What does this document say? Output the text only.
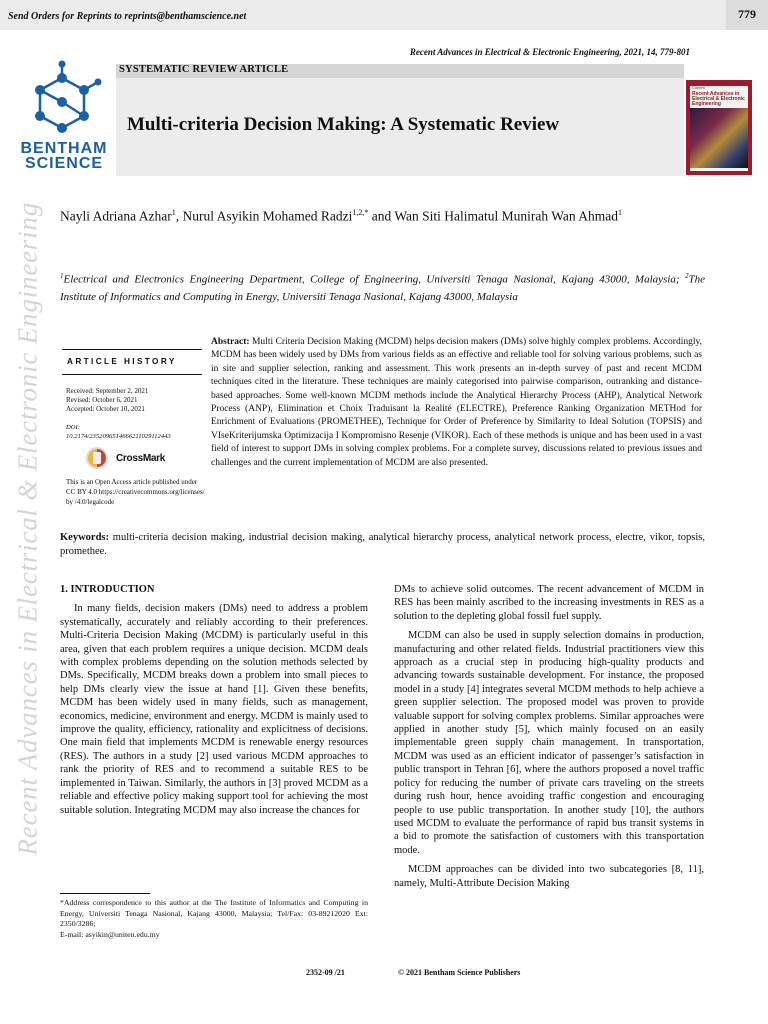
Send Orders for Reprints to reprints@benthamscience.net	779
Recent Advances in Electrical & Electronic Engineering, 2021, 14, 779-801
BENTHAM
SCIENCE
SYSTEMATIC REVIEW ARTICLE
Multi-criteria Decision Making: A Systematic Review
Current
Recent Advances in Electrical & Electronic Engineering
Recent Advances in Electrical & Electronic Engineering Nayli Adriana Azhar$^1$, Nurul Asyikin Mohamed Radzi$^{1,2,*}$ and Wan Siti Halimatul Munirah Wan Ahmad$^1$
$^1$Electrical and Electronics Engineering Department, College of Engineering, Universiti Tenaga Nasional, Kajang 43000, Malaysia; $^2$The Institute of Informatics and Computing in Energy, Universiti Tenaga Nasional, Kajang 43000, Malaysia
ARTICLE HISTORY
Received: September 2, 2021
Revised: October 6, 2021
Accepted: October 10, 2021
DOI:
10.2174/2352096514666211029112443
CrossMark
This is an Open Access article published under CC BY 4.0 https://creativecommons.org/licenses/ by /4.0/legalcode
Abstract: Multi Criteria Decision Making (MCDM) helps decision makers (DMs) solve highly complex problems. Accordingly, MCDM has been widely used by DMs from various fields as an effective and reliable tool for solving various problems, such as in site and supplier selection, ranking and assessment. This work presents an in-depth survey of past and recent MCDM techniques cited in the literature. These techniques are mainly categorised into pairwise comparison, outranking and distance-based approaches. Some well-known MCDM methods include the Analytical Hierarchy Process (AHP), Analytical Network Process (ANP), Elimination et Choix Traduisant la Realité (ELECTRE), Preference Ranking Organization METHod for Enrichment of Evaluations (PROMETHEE), Technique for Order of Preference by Similarity to Ideal Solution (TOPSIS) and VIseKriterijumska Optimizacija I Kompromisno Resenje (VIKOR). Each of these methods is unique and has been used in a vast field of interest to support DMs in solving complex problems. For a complete survey, discussions related to previous issues and challenges and the current implementation of MCDM are also presented.
Keywords: multi-criteria decision making, industrial decision making, analytical hierarchy process, analytical network process, electre, vikor, topsis, promethee.

1. INTRODUCTION

In many fields, decision makers (DMs) need to address a problem systematically, accurately and reliably according to their preferences. Multi-Criteria Decision Making (MCDM) is particularly useful in this area, given that each problem requires a unique decision. MCDM deals with complex problems depending on the solution methods selected by DMs. Specifically, MCDM breaks down a problem into small pieces to help DMs clearly view the issue at hand [1]. Given these benefits, MCDM has been widely used in many fields, such as management, economics, medicine, environment and energy. MCDM is mainly used to improve the quality, efficiency, rationality and explicitness of decisions. One main field that implements MCDM is renewable energy resources (RES). The authors in a study [2] used various MCDM approaches to rank the priority of RES and to recommend a suitable RES to be implemented in Taiwan. Similarly, the authors in [3] proved MCDM as a reliable and effective policy making support tool for achieving the most suitable solution. Integrating MCDM may also increase the chances for

DMs to achieve solid outcomes. The recent advancement of MCDM in RES has been mainly ascribed to the increasing investments in RES as a solution to the depleting global fossil fuel supply.

MCDM can also be used in supply selection domains in production, manufacturing and other related fields. Industrial practitioners view this approach as a crucial step in producing high-quality products and advancing towards sustainable development. For instance, the proposed model in a study [4] integrates several MCDM methods to help achieve a green supplier selection. The proposed model was proven to provide valuable support for solving complex problems. Similar approaches were applied in another study [5], which mainly focused on an easily implementable green supply chain management. In transportation, MCDM was used as an efficient indicator of passenger’s satisfaction in public transport in Tehran [6], where the authors proposed a novel traffic policy for reducing the number of private cars traveling on the streets during rush hour, hence avoiding traffic congestion and encouraging people to use public transportation. In another study [10], the authors used MCDM to evaluate the performance of rapid bus transit systems in a bid to promote the satisfaction of customers with this transportation mode.

MCDM approaches can be divided into two subcategories [8, 11], namely, Multi-Attribute Decision Making

*Address correspondence to this author at the The Institute of Informatics and Computing in Energy, Universiti Tenaga Nasional, Kajang 43000, Malaysia; Tel/Fax: 03-89212020 Ext: 2350/3286;
E-mail: asyikin@uniten.edu.my
2352-09 /21	© 2021 Bentham Science Publishers
